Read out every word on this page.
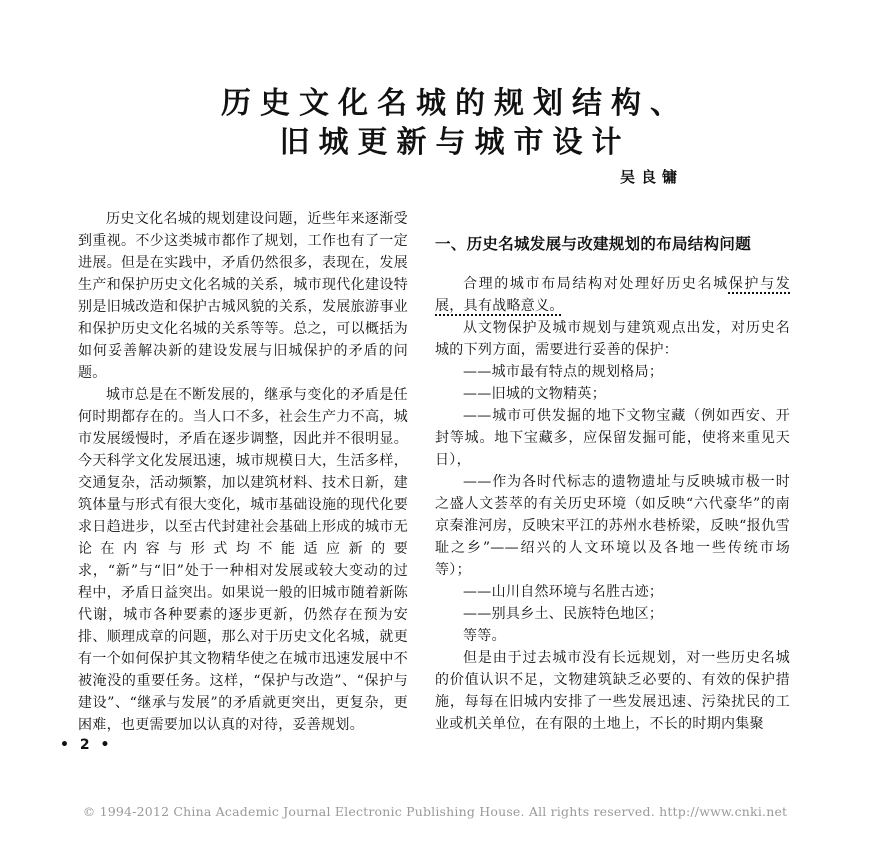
历史文化名城的规划结构、
旧城更新与城市设计
吴良镛

历史文化名城的规划建设问题，近些年来逐渐受到重视。不少这类城市都作了规划，工作也有了一定进展。但是在实践中，矛盾仍然很多，表现在，发展生产和保护历史文化名城的关系，城市现代化建设特别是旧城改造和保护古城风貌的关系，发展旅游事业和保护历史文化名城的关系等等。总之，可以概括为如何妥善解决新的建设发展与旧城保护的矛盾的问题。

城市总是在不断发展的，继承与变化的矛盾是任何时期都存在的。当人口不多，社会生产力不高，城市发展缓慢时，矛盾在逐步调整，因此并不很明显。今天科学文化发展迅速，城市规模日大，生活多样，交通复杂，活动频繁，加以建筑材料、技术日新，建筑体量与形式有很大变化，城市基础设施的现代化要求日趋进步，以至古代封建社会基础上形成的城市无论在内容与形式均不能适应新的要求，“新”与“旧”处于一种相对发展或较大变动的过程中，矛盾日益突出。如果说一般的旧城市随着新陈代谢，城市各种要素的逐步更新，仍然存在预为安排、顺理成章的问题，那么对于历史文化名城，就更有一个如何保护其文物精华使之在城市迅速发展中不被淹没的重要任务。这样，“保护与改造”、“保护与建设”、“继承与发展”的矛盾就更突出，更复杂，更困难，也更需要加以认真的对待，妥善规划。

一、历史名城发展与改建规划的布局结构问题

合理的城市布局结构对处理好历史名城保护与发展，具有战略意义。

从文物保护及城市规划与建筑观点出发，对历史名城的下列方面，需要进行妥善的保护：

——城市最有特点的规划格局；

——旧城的文物精英；

——城市可供发掘的地下文物宝藏（例如西安、开封等城。地下宝藏多，应保留发掘可能，使将来重见天日），

——作为各时代标志的遗物遗址与反映城市极一时之盛人文荟萃的有关历史环境（如反映“六代豪华”的南京秦淮河房，反映宋平江的苏州水巷桥梁，反映“报仇雪耻之乡”——绍兴的人文环境以及各地一些传统市场等）；

——山川自然环境与名胜古迹；

——别具乡土、民族特色地区；

等等。

但是由于过去城市没有长远规划，对一些历史名城的价值认识不足，文物建筑缺乏必要的、有效的保护措施，每每在旧城内安排了一些发展迅速、污染扰民的工业或机关单位，在有限的土地上，不长的时期内集聚

• 2 •
© 1994-2012 China Academic Journal Electronic Publishing House. All rights reserved. http://www.cnki.net
